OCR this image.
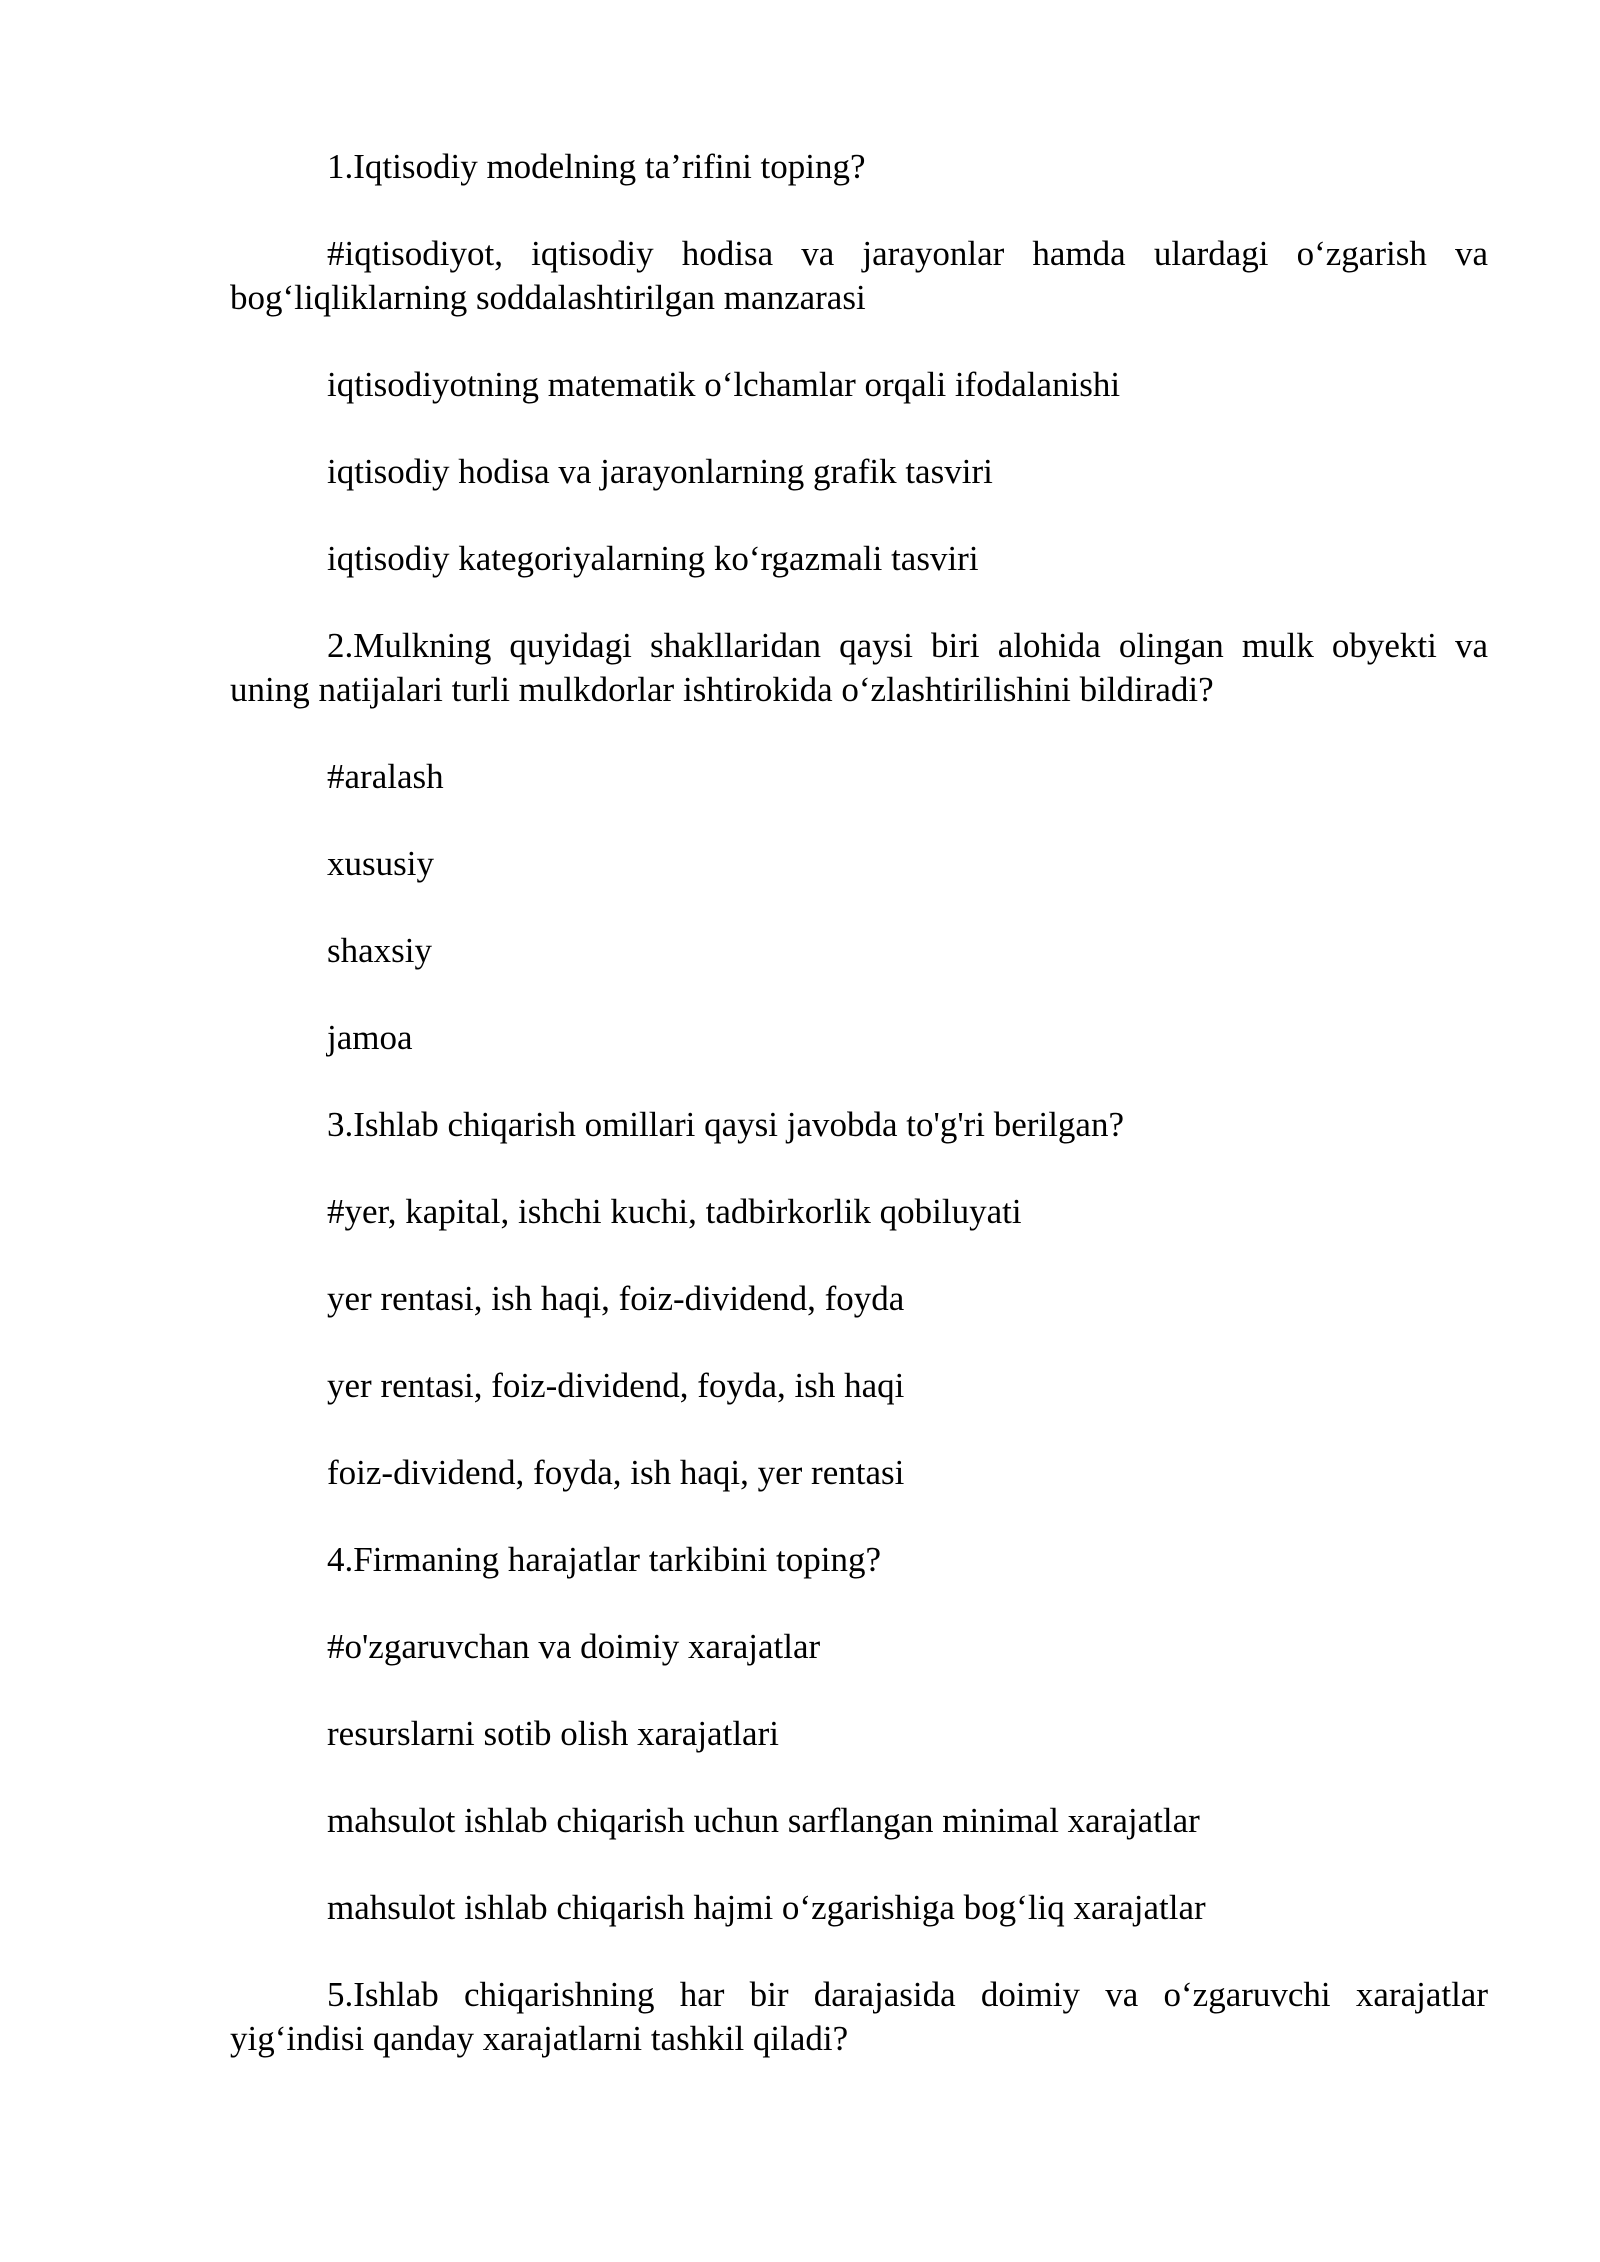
1.Iqtisodiy modelning ta’rifini toping?

#iqtisodiyot, iqtisodiy hodisa va jarayonlar hamda ulardagi o‘zgarish va bog‘liqliklarning soddalashtirilgan manzarasi

iqtisodiyotning matematik o‘lchamlar orqali ifodalanishi

iqtisodiy hodisa va jarayonlarning grafik tasviri

iqtisodiy kategoriyalarning ko‘rgazmali tasviri

2.Mulkning quyidagi shakllaridan qaysi biri alohida olingan mulk obyekti va uning natijalari turli mulkdorlar ishtirokida o‘zlashtirilishini bildiradi?

#aralash

xususiy

shaxsiy

jamoa

3.Ishlab chiqarish omillari qaysi javobda to'g'ri berilgan?

#yer, kapital, ishchi kuchi, tadbirkorlik qobiluyati

yer rentasi, ish haqi, foiz-dividend, foyda

yer rentasi, foiz-dividend, foyda, ish haqi

foiz-dividend, foyda, ish haqi, yer rentasi

4.Firmaning harajatlar tarkibini toping?

#o'zgaruvchan va doimiy xarajatlar

resurslarni sotib olish xarajatlari

mahsulot ishlab chiqarish uchun sarflangan minimal xarajatlar

mahsulot ishlab chiqarish hajmi o‘zgarishiga bog‘liq xarajatlar

5.Ishlab chiqarishning har bir darajasida doimiy va o‘zgaruvchi xarajatlar yig‘indisi qanday xarajatlarni tashkil qiladi?
